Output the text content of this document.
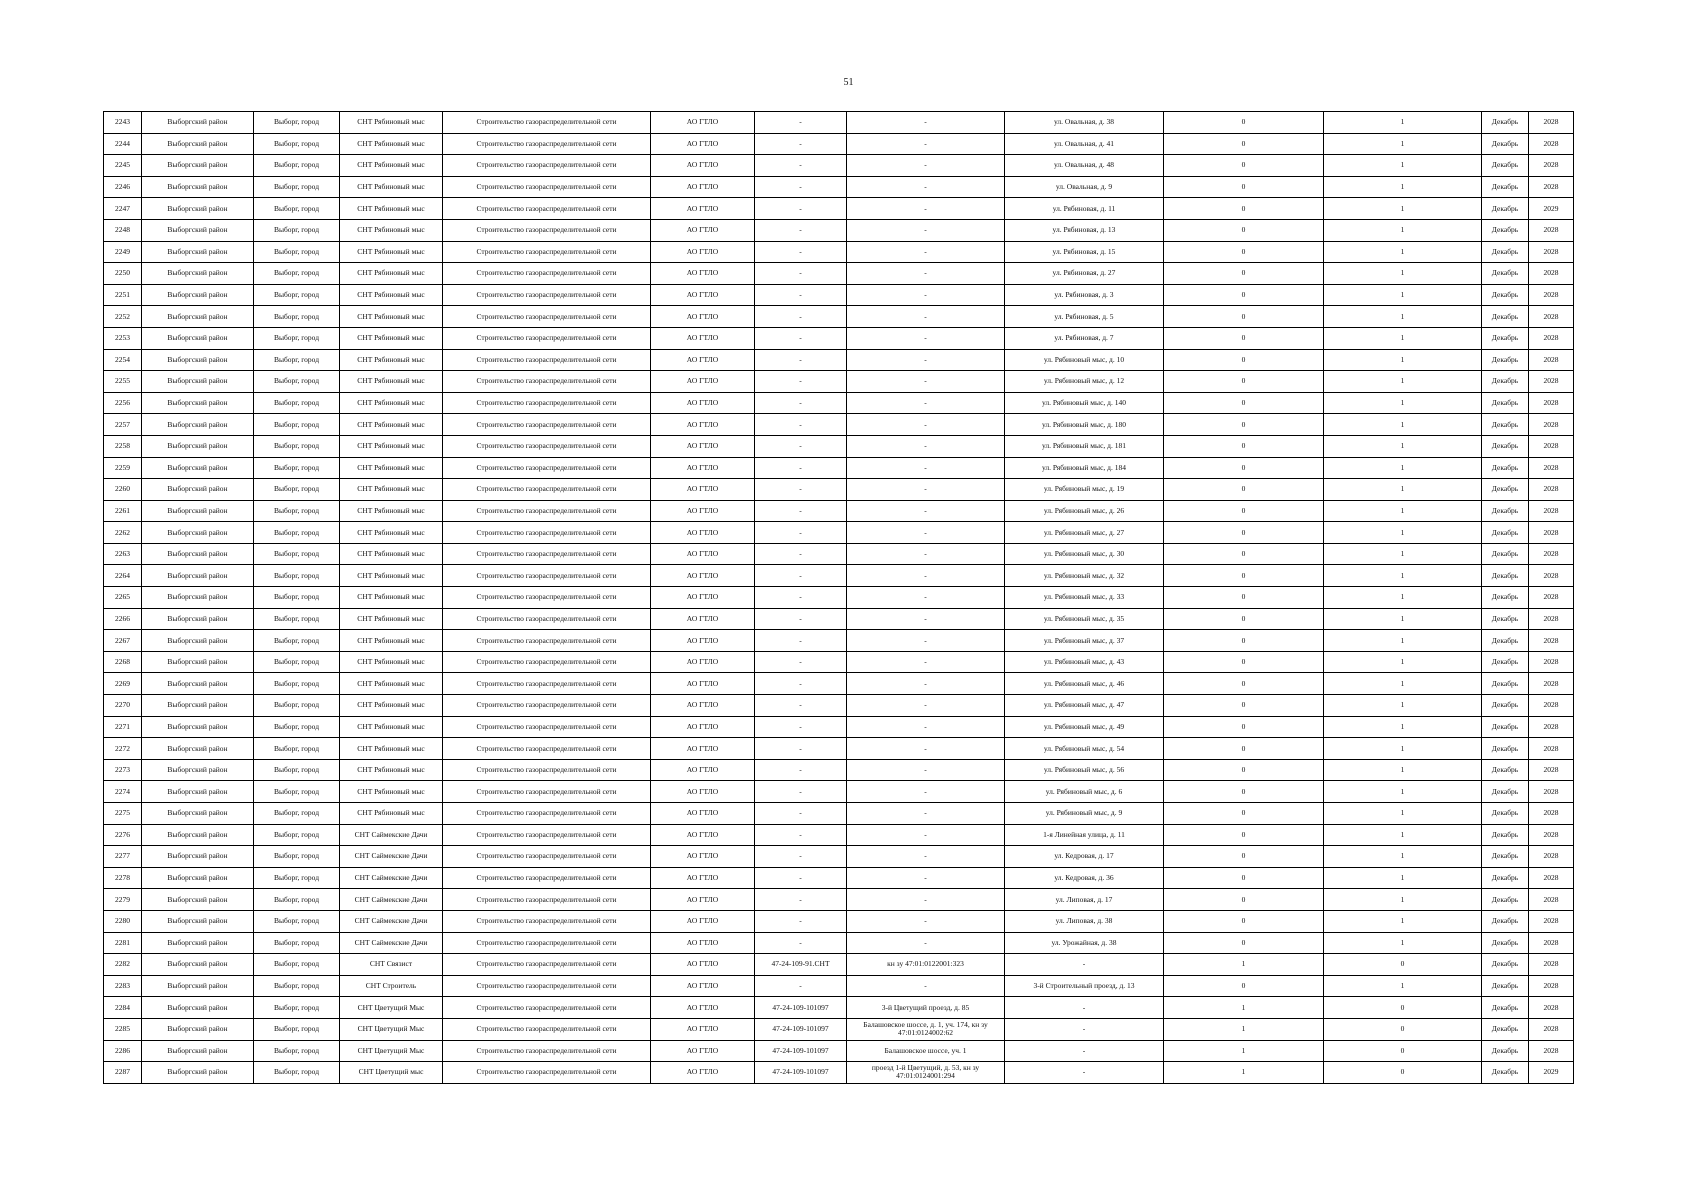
51
2243	Выборгский район	Выборг, город	СНТ Рябиновый мыс	Строительство газораспределительной сети	АО ГТЛО	-	-	ул. Овальная, д. 38	0	1	Декабрь	2028
2244	Выборгский район	Выборг, город	СНТ Рябиновый мыс	Строительство газораспределительной сети	АО ГТЛО	-	-	ул. Овальная, д. 41	0	1	Декабрь	2028
2245	Выборгский район	Выборг, город	СНТ Рябиновый мыс	Строительство газораспределительной сети	АО ГТЛО	-	-	ул. Овальная, д. 48	0	1	Декабрь	2028
2246	Выборгский район	Выборг, город	СНТ Рябиновый мыс	Строительство газораспределительной сети	АО ГТЛО	-	-	ул. Овальная, д. 9	0	1	Декабрь	2028
2247	Выборгский район	Выборг, город	СНТ Рябиновый мыс	Строительство газораспределительной сети	АО ГТЛО	-	-	ул. Рябиновая, д. 11	0	1	Декабрь	2029
2248	Выборгский район	Выборг, город	СНТ Рябиновый мыс	Строительство газораспределительной сети	АО ГТЛО	-	-	ул. Рябиновая, д. 13	0	1	Декабрь	2028
2249	Выборгский район	Выборг, город	СНТ Рябиновый мыс	Строительство газораспределительной сети	АО ГТЛО	-	-	ул. Рябиновая, д. 15	0	1	Декабрь	2028
2250	Выборгский район	Выборг, город	СНТ Рябиновый мыс	Строительство газораспределительной сети	АО ГТЛО	-	-	ул. Рябиновая, д. 27	0	1	Декабрь	2028
2251	Выборгский район	Выборг, город	СНТ Рябиновый мыс	Строительство газораспределительной сети	АО ГТЛО	-	-	ул. Рябиновая, д. 3	0	1	Декабрь	2028
2252	Выборгский район	Выборг, город	СНТ Рябиновый мыс	Строительство газораспределительной сети	АО ГТЛО	-	-	ул. Рябиновая, д. 5	0	1	Декабрь	2028
2253	Выборгский район	Выборг, город	СНТ Рябиновый мыс	Строительство газораспределительной сети	АО ГТЛО	-	-	ул. Рябиновая, д. 7	0	1	Декабрь	2028
2254	Выборгский район	Выборг, город	СНТ Рябиновый мыс	Строительство газораспределительной сети	АО ГТЛО	-	-	ул. Рябиновый мыс, д. 10	0	1	Декабрь	2028
2255	Выборгский район	Выборг, город	СНТ Рябиновый мыс	Строительство газораспределительной сети	АО ГТЛО	-	-	ул. Рябиновый мыс, д. 12	0	1	Декабрь	2028
2256	Выборгский район	Выборг, город	СНТ Рябиновый мыс	Строительство газораспределительной сети	АО ГТЛО	-	-	ул. Рябиновый мыс, д. 140	0	1	Декабрь	2028
2257	Выборгский район	Выборг, город	СНТ Рябиновый мыс	Строительство газораспределительной сети	АО ГТЛО	-	-	ул. Рябиновый мыс, д. 180	0	1	Декабрь	2028
2258	Выборгский район	Выборг, город	СНТ Рябиновый мыс	Строительство газораспределительной сети	АО ГТЛО	-	-	ул. Рябиновый мыс, д. 181	0	1	Декабрь	2028
2259	Выборгский район	Выборг, город	СНТ Рябиновый мыс	Строительство газораспределительной сети	АО ГТЛО	-	-	ул. Рябиновый мыс, д. 184	0	1	Декабрь	2028
2260	Выборгский район	Выборг, город	СНТ Рябиновый мыс	Строительство газораспределительной сети	АО ГТЛО	-	-	ул. Рябиновый мыс, д. 19	0	1	Декабрь	2028
2261	Выборгский район	Выборг, город	СНТ Рябиновый мыс	Строительство газораспределительной сети	АО ГТЛО	-	-	ул. Рябиновый мыс, д. 26	0	1	Декабрь	2028
2262	Выборгский район	Выборг, город	СНТ Рябиновый мыс	Строительство газораспределительной сети	АО ГТЛО	-	-	ул. Рябиновый мыс, д. 27	0	1	Декабрь	2028
2263	Выборгский район	Выборг, город	СНТ Рябиновый мыс	Строительство газораспределительной сети	АО ГТЛО	-	-	ул. Рябиновый мыс, д. 30	0	1	Декабрь	2028
2264	Выборгский район	Выборг, город	СНТ Рябиновый мыс	Строительство газораспределительной сети	АО ГТЛО	-	-	ул. Рябиновый мыс, д. 32	0	1	Декабрь	2028
2265	Выборгский район	Выборг, город	СНТ Рябиновый мыс	Строительство газораспределительной сети	АО ГТЛО	-	-	ул. Рябиновый мыс, д. 33	0	1	Декабрь	2028
2266	Выборгский район	Выборг, город	СНТ Рябиновый мыс	Строительство газораспределительной сети	АО ГТЛО	-	-	ул. Рябиновый мыс, д. 35	0	1	Декабрь	2028
2267	Выборгский район	Выборг, город	СНТ Рябиновый мыс	Строительство газораспределительной сети	АО ГТЛО	-	-	ул. Рябиновый мыс, д. 37	0	1	Декабрь	2028
2268	Выборгский район	Выборг, город	СНТ Рябиновый мыс	Строительство газораспределительной сети	АО ГТЛО	-	-	ул. Рябиновый мыс, д. 43	0	1	Декабрь	2028
2269	Выборгский район	Выборг, город	СНТ Рябиновый мыс	Строительство газораспределительной сети	АО ГТЛО	-	-	ул. Рябиновый мыс, д. 46	0	1	Декабрь	2028
2270	Выборгский район	Выборг, город	СНТ Рябиновый мыс	Строительство газораспределительной сети	АО ГТЛО	-	-	ул. Рябиновый мыс, д. 47	0	1	Декабрь	2028
2271	Выборгский район	Выборг, город	СНТ Рябиновый мыс	Строительство газораспределительной сети	АО ГТЛО	-	-	ул. Рябиновый мыс, д. 49	0	1	Декабрь	2028
2272	Выборгский район	Выборг, город	СНТ Рябиновый мыс	Строительство газораспределительной сети	АО ГТЛО	-	-	ул. Рябиновый мыс, д. 54	0	1	Декабрь	2028
2273	Выборгский район	Выборг, город	СНТ Рябиновый мыс	Строительство газораспределительной сети	АО ГТЛО	-	-	ул. Рябиновый мыс, д. 56	0	1	Декабрь	2028
2274	Выборгский район	Выборг, город	СНТ Рябиновый мыс	Строительство газораспределительной сети	АО ГТЛО	-	-	ул. Рябиновый мыс, д. 6	0	1	Декабрь	2028
2275	Выборгский район	Выборг, город	СНТ Рябиновый мыс	Строительство газораспределительной сети	АО ГТЛО	-	-	ул. Рябиновый мыс, д. 9	0	1	Декабрь	2028
2276	Выборгский район	Выборг, город	СНТ Саймекские Дачи	Строительство газораспределительной сети	АО ГТЛО	-	-	1-я Линейная улица, д. 11	0	1	Декабрь	2028
2277	Выборгский район	Выборг, город	СНТ Саймекские Дачи	Строительство газораспределительной сети	АО ГТЛО	-	-	ул. Кедровая, д. 17	0	1	Декабрь	2028
2278	Выборгский район	Выборг, город	СНТ Саймекские Дачи	Строительство газораспределительной сети	АО ГТЛО	-	-	ул. Кедровая, д. 36	0	1	Декабрь	2028
2279	Выборгский район	Выборг, город	СНТ Саймекские Дачи	Строительство газораспределительной сети	АО ГТЛО	-	-	ул. Липовая, д. 17	0	1	Декабрь	2028
2280	Выборгский район	Выборг, город	СНТ Саймекские Дачи	Строительство газораспределительной сети	АО ГТЛО	-	-	ул. Липовая, д. 38	0	1	Декабрь	2028
2281	Выборгский район	Выборг, город	СНТ Саймекские Дачи	Строительство газораспределительной сети	АО ГТЛО	-	-	ул. Урожайная, д. 38	0	1	Декабрь	2028
2282	Выборгский район	Выборг, город	СНТ Связист	Строительство газораспределительной сети	АО ГТЛО	47-24-109-91.СНТ	кн зу 47:01:0122001:323	-	1	0	Декабрь	2028
2283	Выборгский район	Выборг, город	СНТ Строитель	Строительство газораспределительной сети	АО ГТЛО	-	-	3-й Строительный проезд, д. 13	0	1	Декабрь	2028
2284	Выборгский район	Выборг, город	СНТ Цветущий Мыс	Строительство газораспределительной сети	АО ГТЛО	47-24-109-101097	3-й Цветущий проезд, д. 85	-	1	0	Декабрь	2028
2285	Выборгский район	Выборг, город	СНТ Цветущий Мыс	Строительство газораспределительной сети	АО ГТЛО	47-24-109-101097	Балашовское шоссе, д. 1, уч. 174, кн зу 47:01:0124002:62	-	1	0	Декабрь	2028
2286	Выборгский район	Выборг, город	СНТ Цветущий Мыс	Строительство газораспределительной сети	АО ГТЛО	47-24-109-101097	Балашовское шоссе, уч. 1	-	1	0	Декабрь	2028
2287	Выборгский район	Выборг, город	СНТ Цветущий мыс	Строительство газораспределительной сети	АО ГТЛО	47-24-109-101097	проезд 1-й Цветущий, д. 53, кн зу 47:01:0124001:294	-	1	0	Декабрь	2029
